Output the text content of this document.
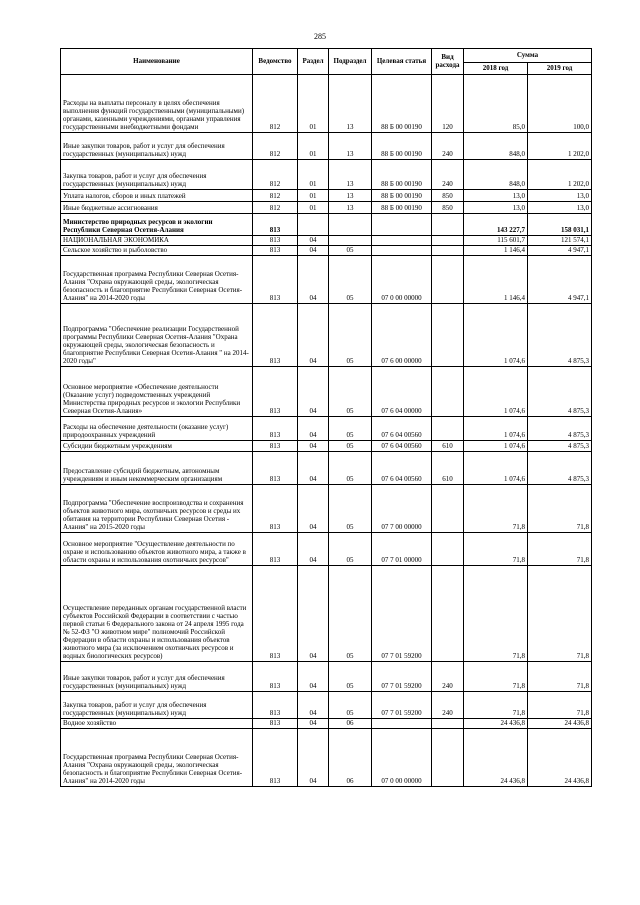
285
Наименование	Ведомство	Раздел	Подраздел	Целевая статья	Вид расхода	Сумма	
						2018 год	2019 год
Расходы на выплаты персоналу в целях обеспечения выполнения функций государственными (муниципальными) органами, казенными учреждениями, органами управления государственными внебюджетными фондами	812	01	13	88 Б 00 00190	120	85,0	100,0
Иные закупки товаров, работ и услуг для обеспечения государственных (муниципальных) нужд	812	01	13	88 Б 00 00190	240	848,0	1 202,0
Закупка товаров, работ и услуг для обеспечения государственных (муниципальных) нужд	812	01	13	88 Б 00 00190	240	848,0	1 202,0
Уплата налогов, сборов и иных платежей	812	01	13	88 Б 00 00190	850	13,0	13,0
Иные бюджетные ассигнования	812	01	13	88 Б 00 00190	850	13,0	13,0
Министерство природных ресурсов и экологии Республики Северная Осетия-Алания	813					143 227,7	158 031,1
НАЦИОНАЛЬНАЯ ЭКОНОМИКА	813	04				115 601,7	121 574,1
Сельское хозяйство и рыболовство	813	04	05			1 146,4	4 947,1
Государственная программа Республики Северная Осетия-Алания "Охрана окружающей среды, экологическая безопасность и благоприятие Республики Северная Осетия-Алания" на 2014-2020 годы	813	04	05	07 0 00 00000		1 146,4	4 947,1
Подпрограмма "Обеспечение реализации Государственной программы Республики Северная Осетия-Алания "Охрана окружающей среды, экологическая безопасность и благоприятие Республики Северная Осетия-Алания " на 2014-2020 годы"	813	04	05	07 6 00 00000		1 074,6	4 875,3
Основное мероприятие «Обеспечение деятельности (Оказание услуг) подведомственных учреждений Министерства природных ресурсов и экологии Республики Северная Осетия-Алания»	813	04	05	07 6 04 00000		1 074,6	4 875,3
Расходы на обеспечение деятельности (оказание услуг) природоохранных учреждений	813	04	05	07 6 04 00560		1 074,6	4 875,3
Субсидии бюджетным учреждениям	813	04	05	07 6 04 00560	610	1 074,6	4 875,3
Предоставление субсидий бюджетным, автономным учреждениям и иным некоммерческим организациям	813	04	05	07 6 04 00560	610	1 074,6	4 875,3
Подпрограмма "Обеспечение воспроизводства и сохранения объектов животного мира, охотничьих ресурсов и среды их обитания на территории Республики Северная Осетия - Алания" на 2015-2020 годы	813	04	05	07 7 00 00000		71,8	71,8
Основное мероприятие "Осуществление деятельности по охране и использованию объектов животного мира, а также в области охраны и использования охотничьих ресурсов"	813	04	05	07 7 01 00000		71,8	71,8
Осуществление переданных органам государственной власти субъектов Российской Федерации в соответствии с частью первой статьи 6 Федерального закона от 24 апреля 1995 года № 52-ФЗ "О животном мире" полномочий Российской Федерации в области охраны и использования объектов животного мира (за исключением охотничьих ресурсов и водных биологических ресурсов)	813	04	05	07 7 01 59200		71,8	71,8
Иные закупки товаров, работ и услуг для обеспечения государственных (муниципальных) нужд	813	04	05	07 7 01 59200	240	71,8	71,8
Закупка товаров, работ и услуг для обеспечения государственных (муниципальных) нужд	813	04	05	07 7 01 59200	240	71,8	71,8
Водное хозяйство	813	04	06			24 436,8	24 436,8
Государственная программа Республики Северная Осетия-Алания "Охрана окружающей среды, экологическая безопасность и благоприятие Республики Северная Осетия-Алания" на 2014-2020 годы	813	04	06	07 0 00 00000		24 436,8	24 436,8
